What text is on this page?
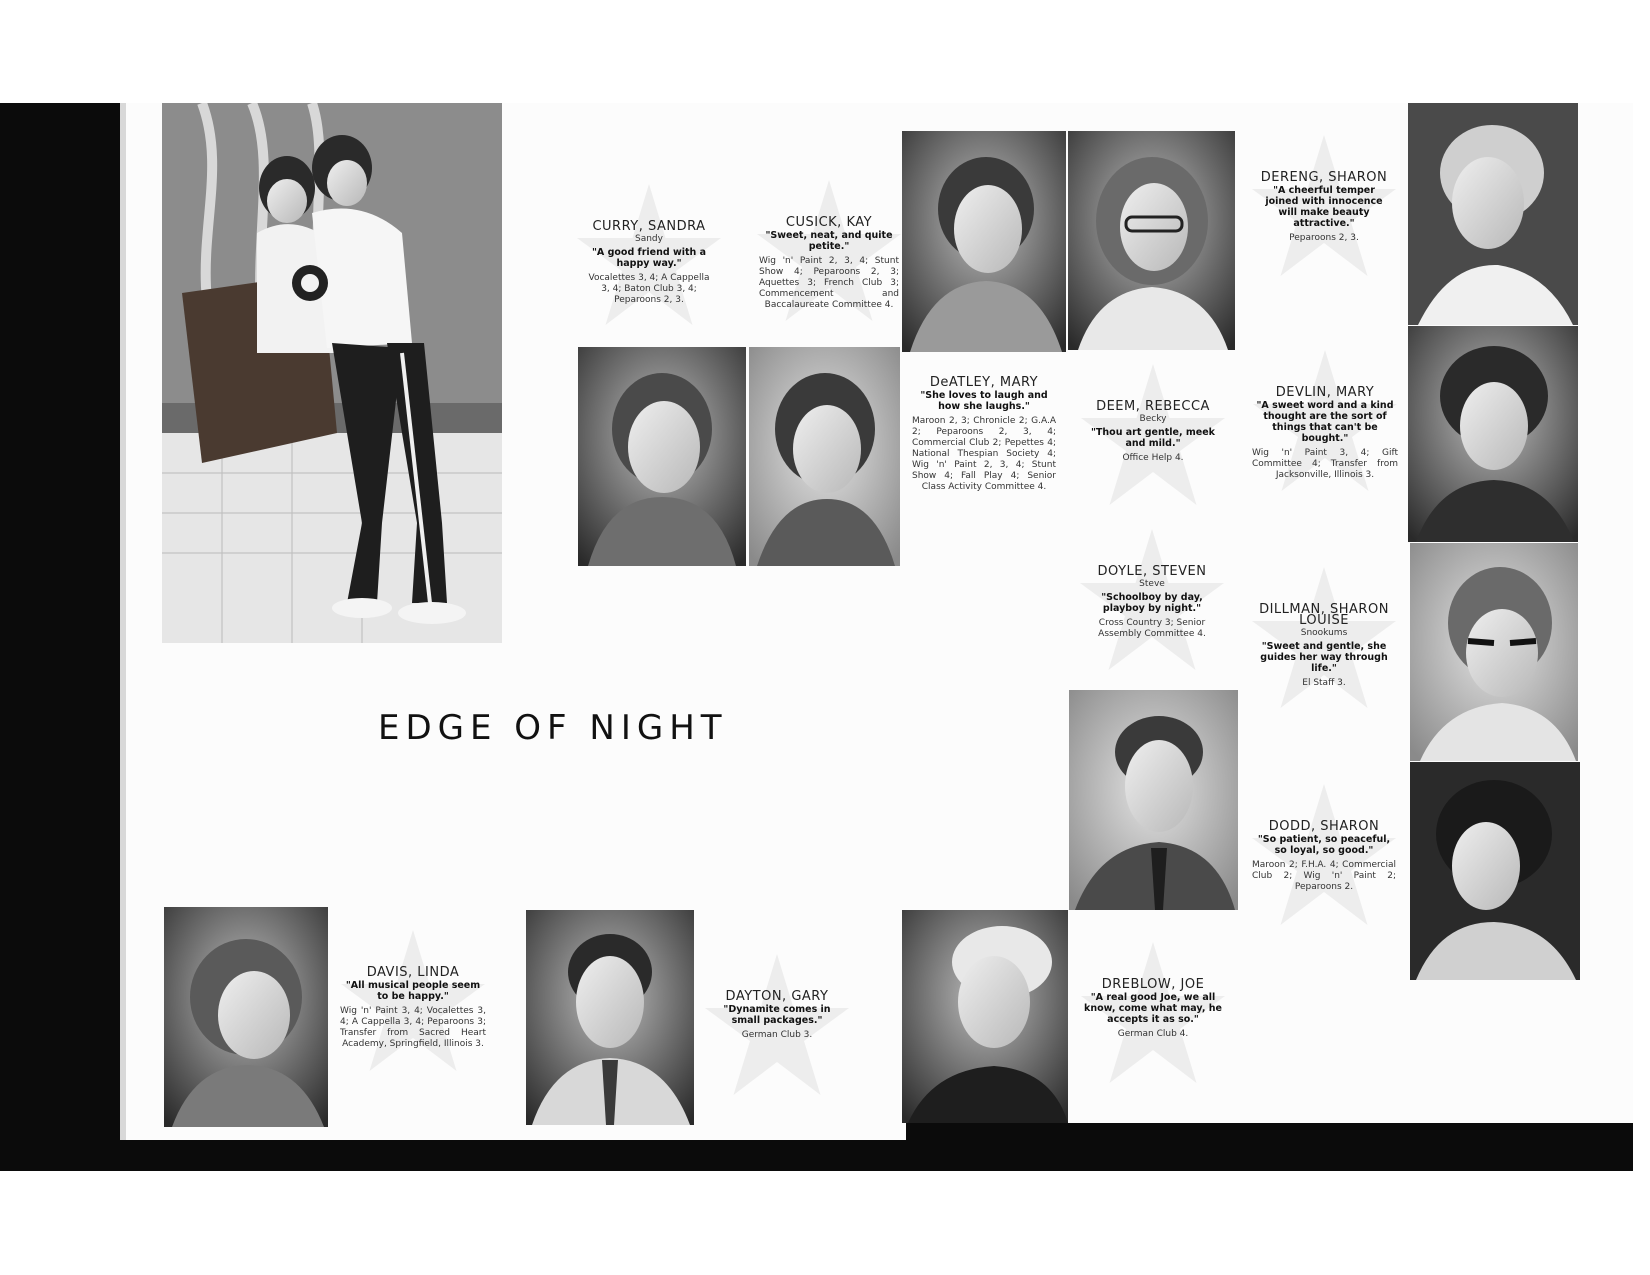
EDGE OF NIGHT
CURRY, SANDRA
Sandy
"A good friend with a happy way."
Vocalettes 3, 4; A Cappella 3, 4; Baton Club 3, 4; Peparoons 2, 3.
CUSICK, KAY
"Sweet, neat, and quite petite."
Wig 'n' Paint 2, 3, 4; Stunt Show 4; Peparoons 2, 3; Aquettes 3; French Club 3; Commencement and Baccalaureate Committee 4.
DAVIS, LINDA
"All musical people seem to be happy."
Wig 'n' Paint 3, 4; Vocalettes 3, 4; A Cappella 3, 4; Peparoons 3; Transfer from Sacred Heart Academy, Springfield, Illinois 3.
DAYTON, GARY
"Dynamite comes in small packages."
German Club 3.
DeATLEY, MARY
"She loves to laugh and how she laughs."
Maroon 2, 3; Chronicle 2; G.A.A 2; Peparoons 2, 3, 4; Commercial Club 2; Pepettes 4; National Thespian Society 4; Wig 'n' Paint 2, 3, 4; Stunt Show 4; Fall Play 4; Senior Class Activity Committee 4.
DEEM, REBECCA
Becky
"Thou art gentle, meek and mild."
Office Help 4.
DERENG, SHARON
"A cheerful temper joined with innocence will make beauty attractive."
Peparoons 2, 3.
DEVLIN, MARY
"A sweet word and a kind thought are the sort of things that can't be bought."
Wig 'n' Paint 3, 4; Gift Committee 4; Transfer from Jacksonville, Illinois 3.
DOYLE, STEVEN
Steve
"Schoolboy by day, playboy by night."
Cross Country 3; Senior Assembly Committee 4.
DILLMAN, SHARON LOUISE
Snookums
"Sweet and gentle, she guides her way through life."
El Staff 3.
DODD, SHARON
"So patient, so peaceful, so loyal, so good."
Maroon 2; F.H.A. 4; Commercial Club 2; Wig 'n' Paint 2; Peparoons 2.
DREBLOW, JOE
"A real good Joe, we all know, come what may, he accepts it as so."
German Club 4.
